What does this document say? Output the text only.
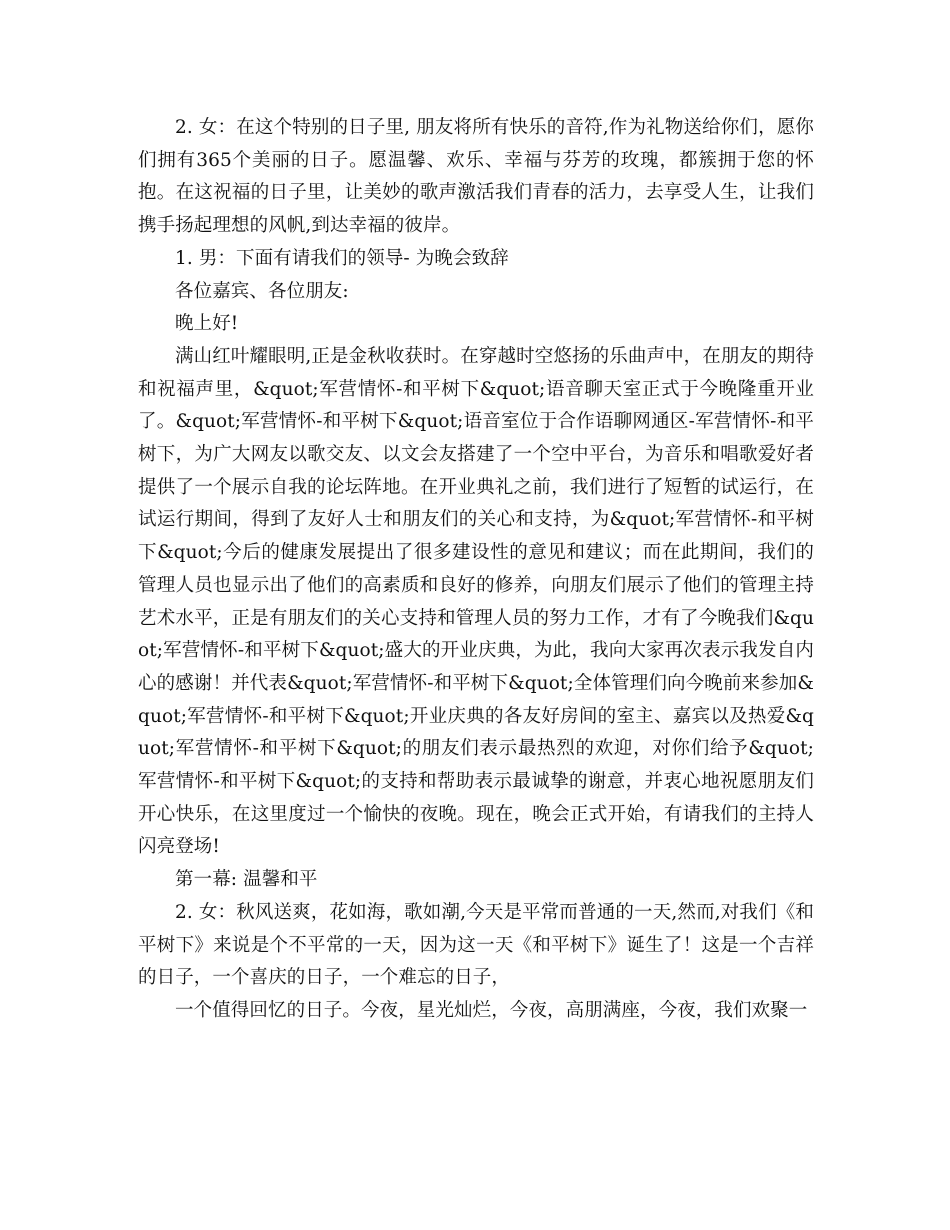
2. 女：在这个特别的日子里, 朋友将所有快乐的音符,作为礼物送给你们，愿你们拥有365个美丽的日子。愿温馨、欢乐、幸福与芬芳的玫瑰，都簇拥于您的怀抱。在这祝福的日子里，让美妙的歌声激活我们青春的活力，去享受人生，让我们携手扬起理想的风帆,到达幸福的彼岸。

1. 男：下面有请我们的领导- 为晚会致辞

各位嘉宾、各位朋友:

晚上好!

满山红叶耀眼明,正是金秋收获时。在穿越时空悠扬的乐曲声中，在朋友的期待和祝福声里，&quot;军营情怀-和平树下&quot;语音聊天室正式于今晚隆重开业了。&quot;军营情怀-和平树下&quot;语音室位于合作语聊网通区-军营情怀-和平树下，为广大网友以歌交友、以文会友搭建了一个空中平台，为音乐和唱歌爱好者提供了一个展示自我的论坛阵地。在开业典礼之前，我们进行了短暂的试运行，在试运行期间，得到了友好人士和朋友们的关心和支持，为&quot;军营情怀-和平树下&quot;今后的健康发展提出了很多建设性的意见和建议；而在此期间，我们的管理人员也显示出了他们的高素质和良好的修养，向朋友们展示了他们的管理主持艺术水平，正是有朋友们的关心支持和管理人员的努力工作，才有了今晚我们&quot;军营情怀-和平树下&quot;盛大的开业庆典，为此，我向大家再次表示我发自内心的感谢！并代表&quot;军营情怀-和平树下&quot;全体管理们向今晚前来参加&quot;军营情怀-和平树下&quot;开业庆典的各友好房间的室主、嘉宾以及热爱&quot;军营情怀-和平树下&quot;的朋友们表示最热烈的欢迎，对你们给予&quot;军营情怀-和平树下&quot;的支持和帮助表示最诚挚的谢意，并衷心地祝愿朋友们开心快乐，在这里度过一个愉快的夜晚。现在，晚会正式开始，有请我们的主持人闪亮登场!

第一幕: 温馨和平

2. 女：秋风送爽，花如海，歌如潮,今天是平常而普通的一天,然而,对我们《和平树下》来说是个不平常的一天，因为这一天《和平树下》诞生了！这是一个吉祥的日子，一个喜庆的日子，一个难忘的日子，

一个值得回忆的日子。今夜，星光灿烂，今夜，高朋满座，今夜，我们欢聚一
